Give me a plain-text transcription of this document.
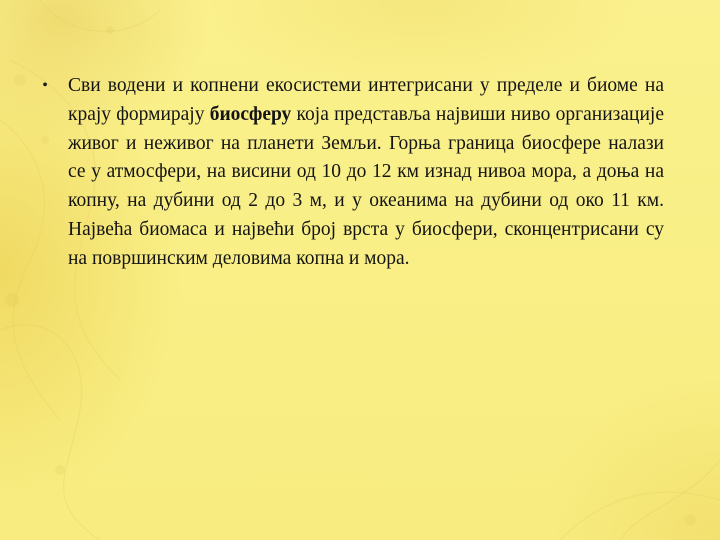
•	Сви водени и копнени екосистеми интегрисани у пределе и биоме на крају формирају биосферу која представља највиши ниво организације живог и неживог на планети Земљи. Горња граница биосфере налази се у атмосфери, на висини од 10 до 12 км изнад нивоа мора, а доња на копну, на дубини од 2 до 3 м, и у океанима на дубини од око 11 км. Највећа биомаса и највећи број врста у биосфери, сконцентрисани су на површинским деловима копна и мора.
